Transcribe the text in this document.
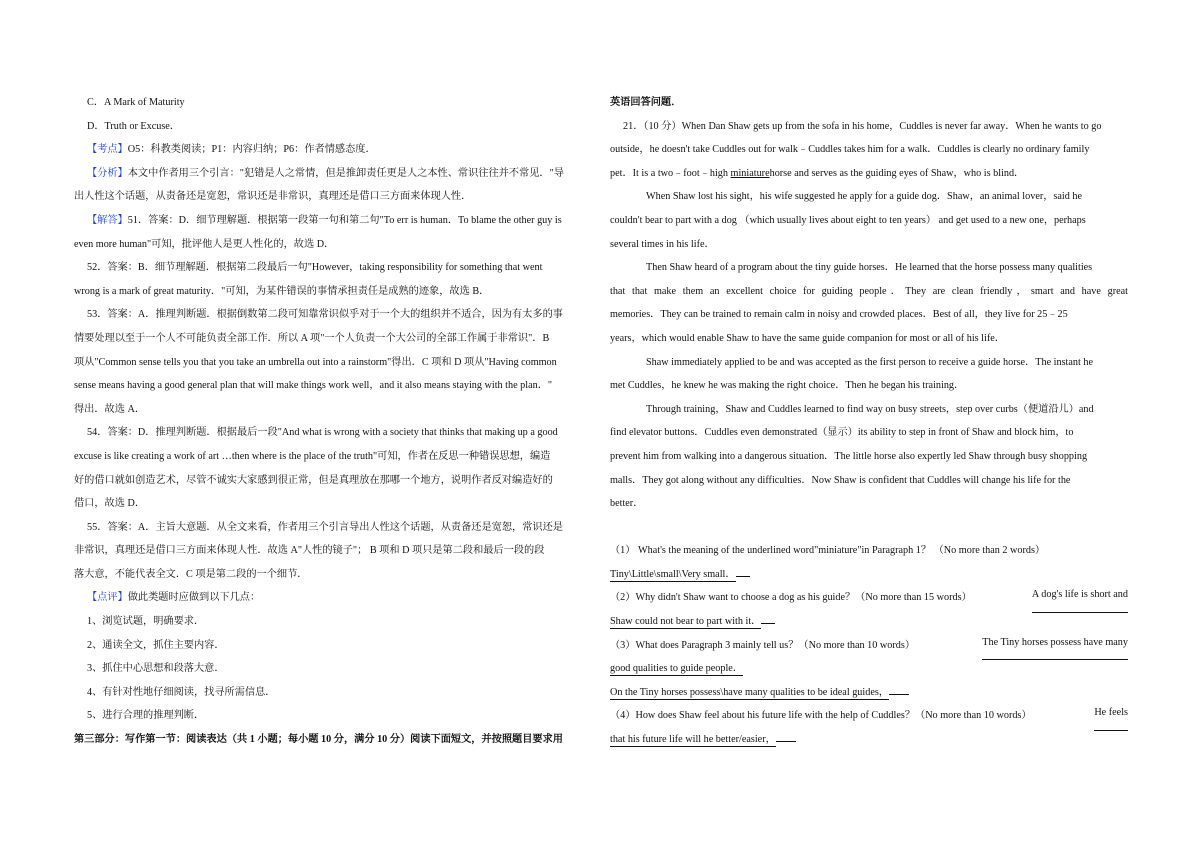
C．A Mark of Maturity
D．Truth or Excuse．
【考点】O5：科教类阅读；P1：内容归纳；P6：作者情感态度．
【分析】本文中作者用三个引言："犯错是人之常情，但是推卸责任更是人之本性、常识往往并不常见．"导
出人性这个话题，从责备还是宽恕，常识还是非常识，真理还是借口三方面来体现人性．
【解答】51．答案：D．细节理解题．根据第一段第一句和第二句"To err is human．To blame the other guy is
even more human"可知，批评他人是更人性化的，故选 D．
52．答案：B．细节理解题．根据第二段最后一句"However，taking responsibility for something that went
wrong is a mark of great maturity．"可知，为某件错误的事情承担责任是成熟的迹象，故选 B．
53．答案：A．推理判断题．根据倒数第二段可知靠常识似乎对于一个大的组织并不适合，因为有太多的事
情要处理以至于一个人不可能负责全部工作．所以 A 项"一个人负责一个大公司的全部工作属于非常识"．B
项从"Common sense tells you that you take an umbrella out into a rainstorm"得出．C 项和 D 项从"Having common
sense means having a good general plan that will make things work well，and it also means staying with the plan．"
得出．故选 A．
54．答案：D．推理判断题．根据最后一段"And what is wrong with a society that thinks that making up a good
excuse is like creating a work of art …then where is the place of the truth"可知，作者在反思一种错误思想，编造
好的借口就如创造艺术，尽管不诚实大家感到很正常，但是真理放在那哪一个地方，说明作者反对编造好的
借口，故选 D．
55．答案：A．主旨大意题．从全文来看，作者用三个引言导出人性这个话题，从责备还是宽恕，常识还是
非常识，真理还是借口三方面来体现人性．故选 A"人性的镜子"； B 项和 D 项只是第二段和最后一段的段
落大意，不能代表全文．C 项是第二段的一个细节．
【点评】做此类题时应做到以下几点：
1、浏览试题，明确要求．
2、通读全文，抓住主要内容．
3、抓住中心思想和段落大意．
4、有针对性地仔细阅读，找寻所需信息．
5、进行合理的推理判断．
第三部分：写作第一节：阅读表达（共 1 小题；每小题 10 分，满分 10 分）阅读下面短文，并按照题目要求用
英语回答问题．
21．（10 分）When Dan Shaw gets up from the sofa in his home，Cuddles is never far away．When he wants to go
outside，he doesn't take Cuddles out for walk﹣Cuddles takes him for a walk．Cuddles is clearly no ordinary family
pet．It is a two﹣foot﹣high miniaturehorse and serves as the guiding eyes of Shaw，who is blind．
When Shaw lost his sight，his wife suggested he apply for a guide dog．Shaw，an animal lover，said he
couldn't bear to part with a dog （which usually lives about eight to ten years） and get used to a new one，perhaps
several times in his life．
Then Shaw heard of a program about the tiny guide horses．He learned that the horse possess many qualities
that that make them an excellent choice for guiding people．They are clean friendly，smart and have great
memories．They can be trained to remain calm in noisy and crowded places．Best of all，they live for 25﹣25
years，which would enable Shaw to have the same guide companion for most or all of his life．
Shaw immediately applied to be and was accepted as the first person to receive a guide horse．The instant he
met Cuddles，he knew he was making the right choice．Then he began his training．
Through training，Shaw and Cuddles learned to find way on busy streets，step over curbs（便道沿儿）and
find elevator buttons．Cuddles even demonstrated（显示）its ability to step in front of Shaw and block him，to
prevent him from walking into a dangerous situation．The little horse also expertly led Shaw through busy shopping
malls．They got along without any difficulties．Now Shaw is confident that Cuddles will change his life for the
better．
（1） What's the meaning of the underlined word"miniature"in Paragraph 1？ （No more than 2 words）
Tiny\Little\small\Very small．
（2）Why didn't Shaw want to choose a dog as his guide？（No more than 15 words）	A dog's life is short and
Shaw could not bear to part with it．
（3）What does Paragraph 3 mainly tell us？（No more than 10 words）	The Tiny horses possess have many
good qualities to guide people．
On the Tiny horses possess\have many qualities to be ideal guides，
（4）How does Shaw feel about his future life with the help of Cuddles？（No more than 10 words）	He feels
that his future life will he better/easier，
